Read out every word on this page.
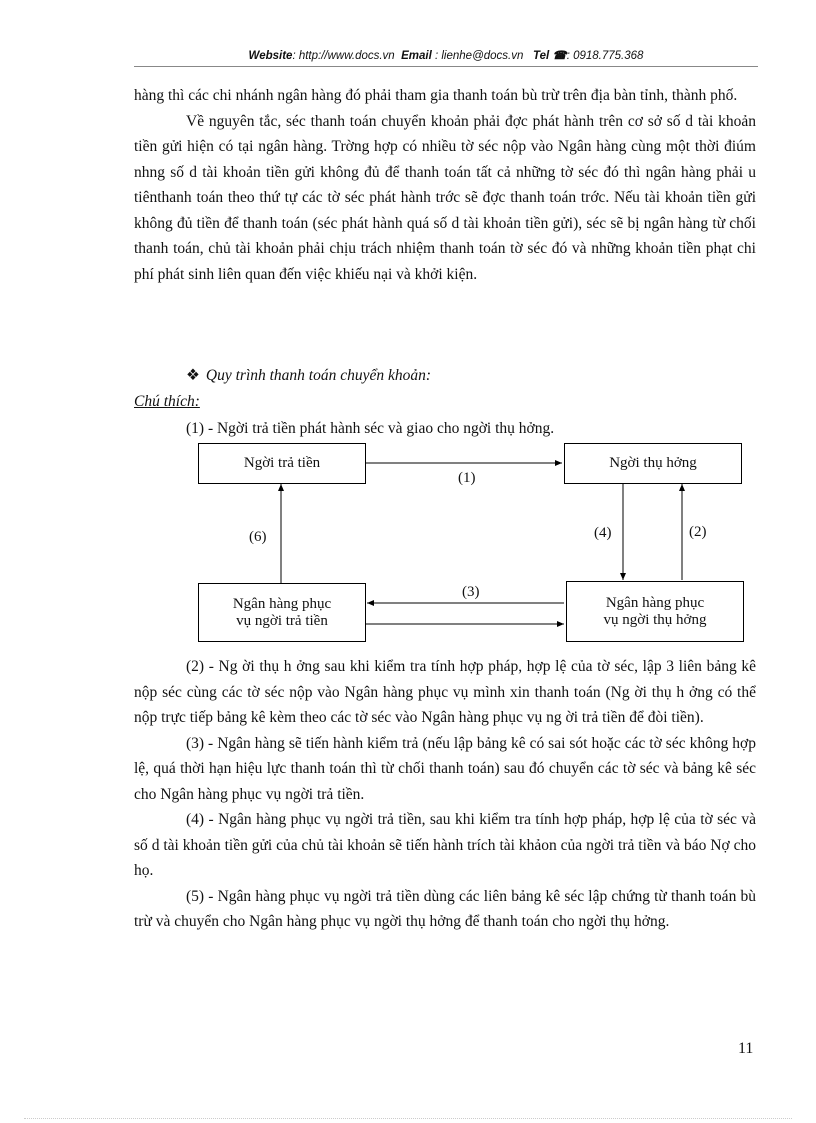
Website: http://www.docs.vn Email : lienhe@docs.vn Tel ☎: 0918.775.368

hàng thì các chi nhánh ngân hàng đó phải tham gia thanh toán bù trừ trên địa bàn tỉnh, thành phố.

Về nguyên tắc, séc thanh toán chuyển khoản phải đợc phát hành trên cơ sở số d tài khoản tiền gửi hiện có tại ngân hàng. Trờng hợp có nhiều tờ séc nộp vào Ngân hàng cùng một thời điúm nhng số d tài khoản tiền gửi không đủ để thanh toán tất cả những tờ séc đó thì ngân hàng phải u tiênthanh toán theo thứ tự các tờ séc phát hành trớc sẽ đợc thanh toán trớc. Nếu tài khoản tiền gửi không đủ tiền để thanh toán (séc phát hành quá số d tài khoản tiền gửi), séc sẽ bị ngân hàng từ chối thanh toán, chủ tài khoản phải chịu trách nhiệm thanh toán tờ séc đó và những khoản tiền phạt chi phí phát sinh liên quan đến việc khiếu nại và khởi kiện.

❖ Quy trình thanh toán chuyển khoản:
Chú thích:
(1) - Ngời trả tiền phát hành séc và giao cho ngời thụ hởng.
Ngời trả tiền	Ngời thụ hởng
Ngân hàng phục
vụ ngời trả tiền
Ngân hàng phục
vụ ngời thụ hởng
(1)
(6)	(4)	(2)
(3)

(2) - Ng ời thụ h ởng sau khi kiểm tra tính hợp pháp, hợp lệ của tờ séc, lập 3 liên bảng kê nộp séc cùng các tờ séc nộp vào Ngân hàng phục vụ mình xin thanh toán (Ng ời thụ h ởng có thể nộp trực tiếp bảng kê kèm theo các tờ séc vào Ngân hàng phục vụ ng ời trả tiền để đòi tiền).

(3) - Ngân hàng sẽ tiến hành kiểm trả (nếu lập bảng kê có sai sót hoặc các tờ séc không hợp lệ, quá thời hạn hiệu lực thanh toán thì từ chối thanh toán) sau đó chuyển các tờ séc và bảng kê séc cho Ngân hàng phục vụ ngời trả tiền.

(4) - Ngân hàng phục vụ ngời trả tiền, sau khi kiểm tra tính hợp pháp, hợp lệ của tờ séc và số d tài khoản tiền gửi của chủ tài khoản sẽ tiến hành trích tài khảon của ngời trả tiền và báo Nợ cho họ.

(5) - Ngân hàng phục vụ ngời trả tiền dùng các liên bảng kê séc lập chứng từ thanh toán bù trừ và chuyển cho Ngân hàng phục vụ ngời thụ hởng để thanh toán cho ngời thụ hởng.

11
